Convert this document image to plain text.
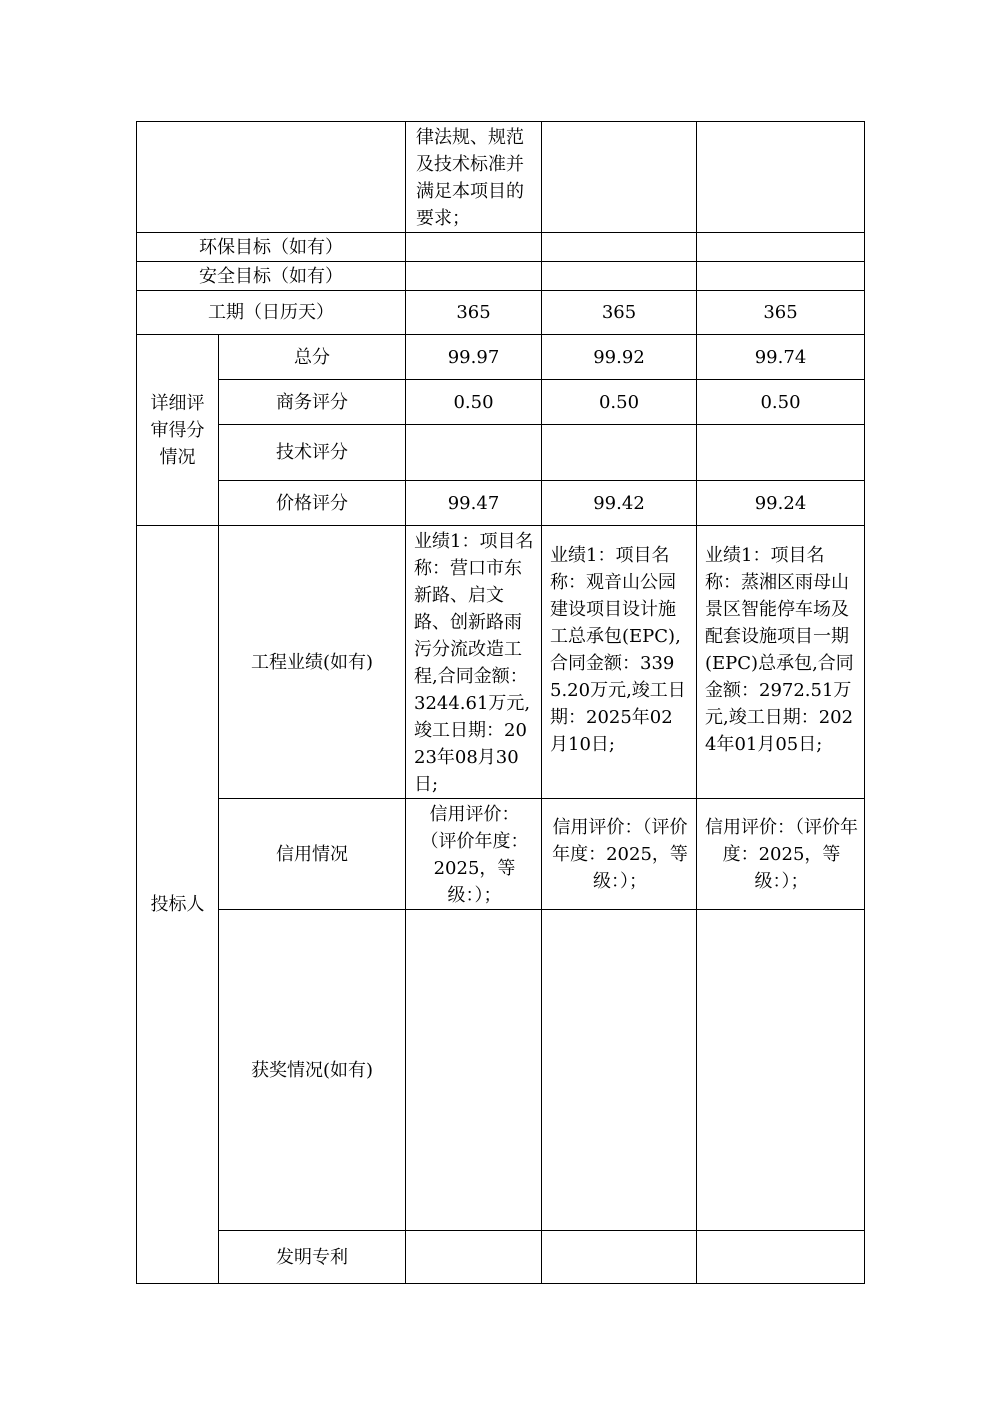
		律法规、规范及技术标准并满足本项目的要求；		
环保目标（如有）				
安全目标（如有）				
工期（日历天）		365	365	365
详细评审得分情况	总分	99.97	99.92	99.74
	商务评分	0.50	0.50	0.50
	技术评分			
	价格评分	99.47	99.42	99.24
投标人	工程业绩(如有)	业绩1：项目名称：营口市东新路、启文路、创新路雨污分流改造工程,合同金额：3244.61万元,竣工日期：2023年08月30日;	业绩1：项目名称：观音山公园建设项目设计施工总承包(EPC),合同金额：3395.20万元,竣工日期：2025年02月10日;	业绩1：项目名称：蒸湘区雨母山景区智能停车场及配套设施项目一期(EPC)总承包,合同金额：2972.51万元,竣工日期：2024年01月05日;
	信用情况	信用评价：（评价年度：2025，等级：）；	信用评价：（评价年度：2025，等级：）；	信用评价：（评价年度：2025，等级：）；
	获奖情况(如有)			
	发明专利			
